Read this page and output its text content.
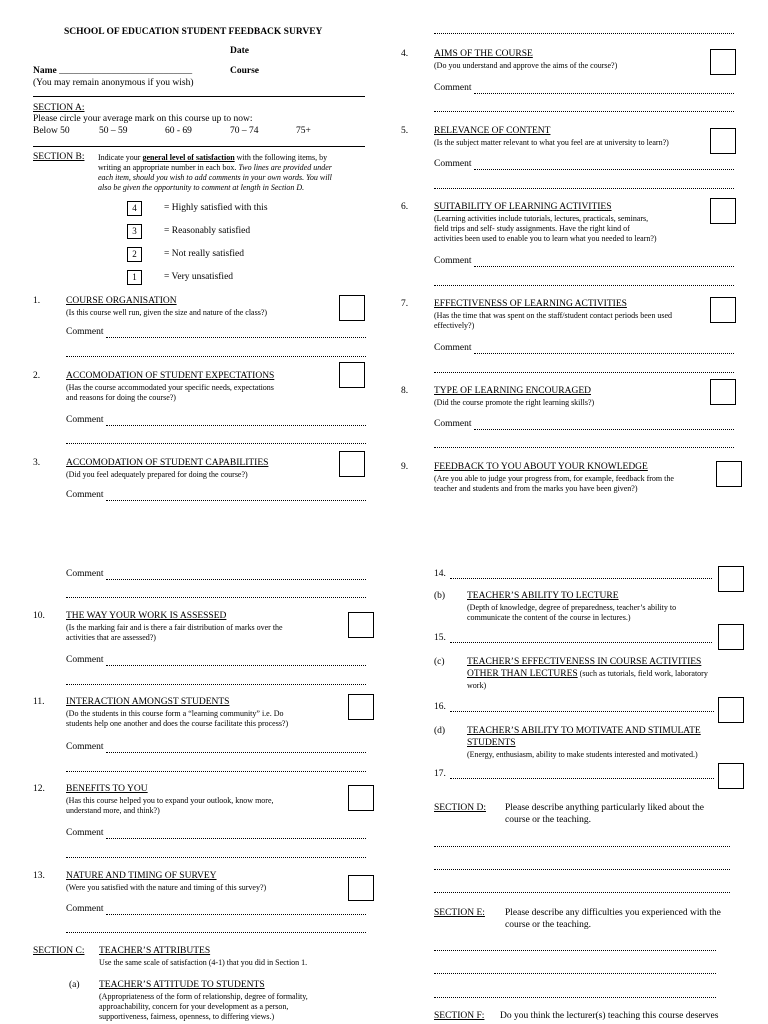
SCHOOL OF EDUCATION STUDENT FEEDBACK SURVEY
Date
Name ____________________________	Course
(You may remain anonymous if you wish)
SECTION A:
Please circle your average mark on this course up to now:
Below 50	50 – 59	60 - 69	70 – 74	75+
SECTION B: Indicate your general level of satisfaction with the following items, by
writing an appropriate number in each box. Two lines are provided under
each item, should you wish to add comments in your own words. You will
also be given the opportunity to comment at length in Section D.
4	= Highly satisfied with this
3	= Reasonably satisfied
2	= Not really satisfied
1	= Very unsatisfied
1.	COURSE ORGANISATION
(Is this course well run, given the size and nature of the class?)
Comment
2.	ACCOMODATION OF STUDENT EXPECTATIONS
(Has the course accommodated your specific needs, expectations
and reasons for doing the course?)
Comment
3.	ACCOMODATION OF STUDENT CAPABILITIES
(Did you feel adequately prepared for doing the course?)
Comment
Comment
10. THE WAY YOUR WORK IS ASSESSED
(Is the marking fair and is there a fair distribution of marks over the
activities that are assessed?)
Comment
11. INTERACTION AMONGST STUDENTS
(Do the students in this course form a “learning community” i.e. Do
students help one another and does the course facilitate this process?)
Comment
12. BENEFITS TO YOU
(Has this course helped you to expand your outlook, know more,
understand more, and think?)
Comment
13. NATURE AND TIMING OF SURVEY
(Were you satisfied with the nature and timing of this survey?)
Comment
SECTION C: TEACHER’S ATTRIBUTES
Use the same scale of satisfaction (4-1) that you did in Section 1.
(a) TEACHER’S ATTITUDE TO STUDENTS
(Appropriateness of the form of relationship, degree of formality,
approachability, concern for your development as a person,
supportiveness, fairness, openness, to differing views.)
4.	AIMS OF THE COURSE
(Do you understand and approve the aims of the course?)
Comment
5.	RELEVANCE OF CONTENT
(Is the subject matter relevant to what you feel are at university to learn?)
Comment
6.	SUITABILITY OF LEARNING ACTIVITIES
(Learning activities include tutorials, lectures, practicals, seminars,
field trips and self- study assignments. Have the right kind of
activities been used to enable you to learn what you needed to learn?)
Comment
7.	EFFECTIVENESS OF LEARNING ACTIVITIES
(Has the time that was spent on the staff/student contact periods been used
effectively?)
Comment
8.	TYPE OF LEARNING ENCOURAGED
(Did the course promote the right learning skills?)
Comment
9.	FEEDBACK TO YOU ABOUT YOUR KNOWLEDGE
(Are you able to judge your progress from, for example, feedback from the
teacher and students and from the marks you have been given?)
14.
(b) TEACHER’S ABILITY TO LECTURE
(Depth of knowledge, degree of preparedness, teacher’s ability to
communicate the content of the course in lectures.)
15.
(c) TEACHER’S EFFECTIVENESS IN COURSE ACTIVITIES
OTHER THAN LECTURES (such as tutorials, field work, laboratory
work)
16.
(d) TEACHER’S ABILITY TO MOTIVATE AND STIMULATE
STUDENTS
(Energy, enthusiasm, ability to make students interested and motivated.)
17.
SECTION D: Please describe anything particularly liked about the
course or the teaching.
SECTION E: Please describe any difficulties you experienced with the
course or the teaching.
SECTION F: Do you think the lecturer(s) teaching this course deserves
